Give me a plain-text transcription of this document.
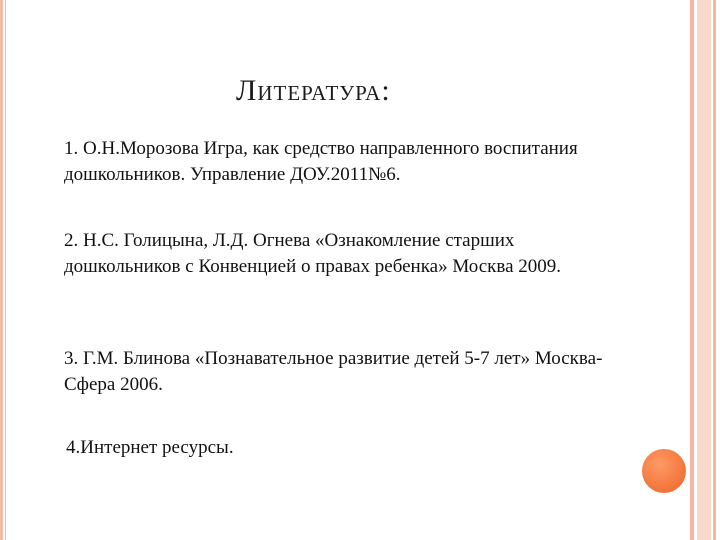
Литература:
1. О.Н.Морозова Игра, как средство направленного воспитания дошкольников. Управление ДОУ.2011№6.
2. Н.С. Голицына, Л.Д. Огнева «Ознакомление старших дошкольников с Конвенцией о правах ребенка» Москва 2009.
3. Г.М. Блинова «Познавательное развитие детей 5-7 лет» Москва- Сфера 2006.
4.Интернет ресурсы.
